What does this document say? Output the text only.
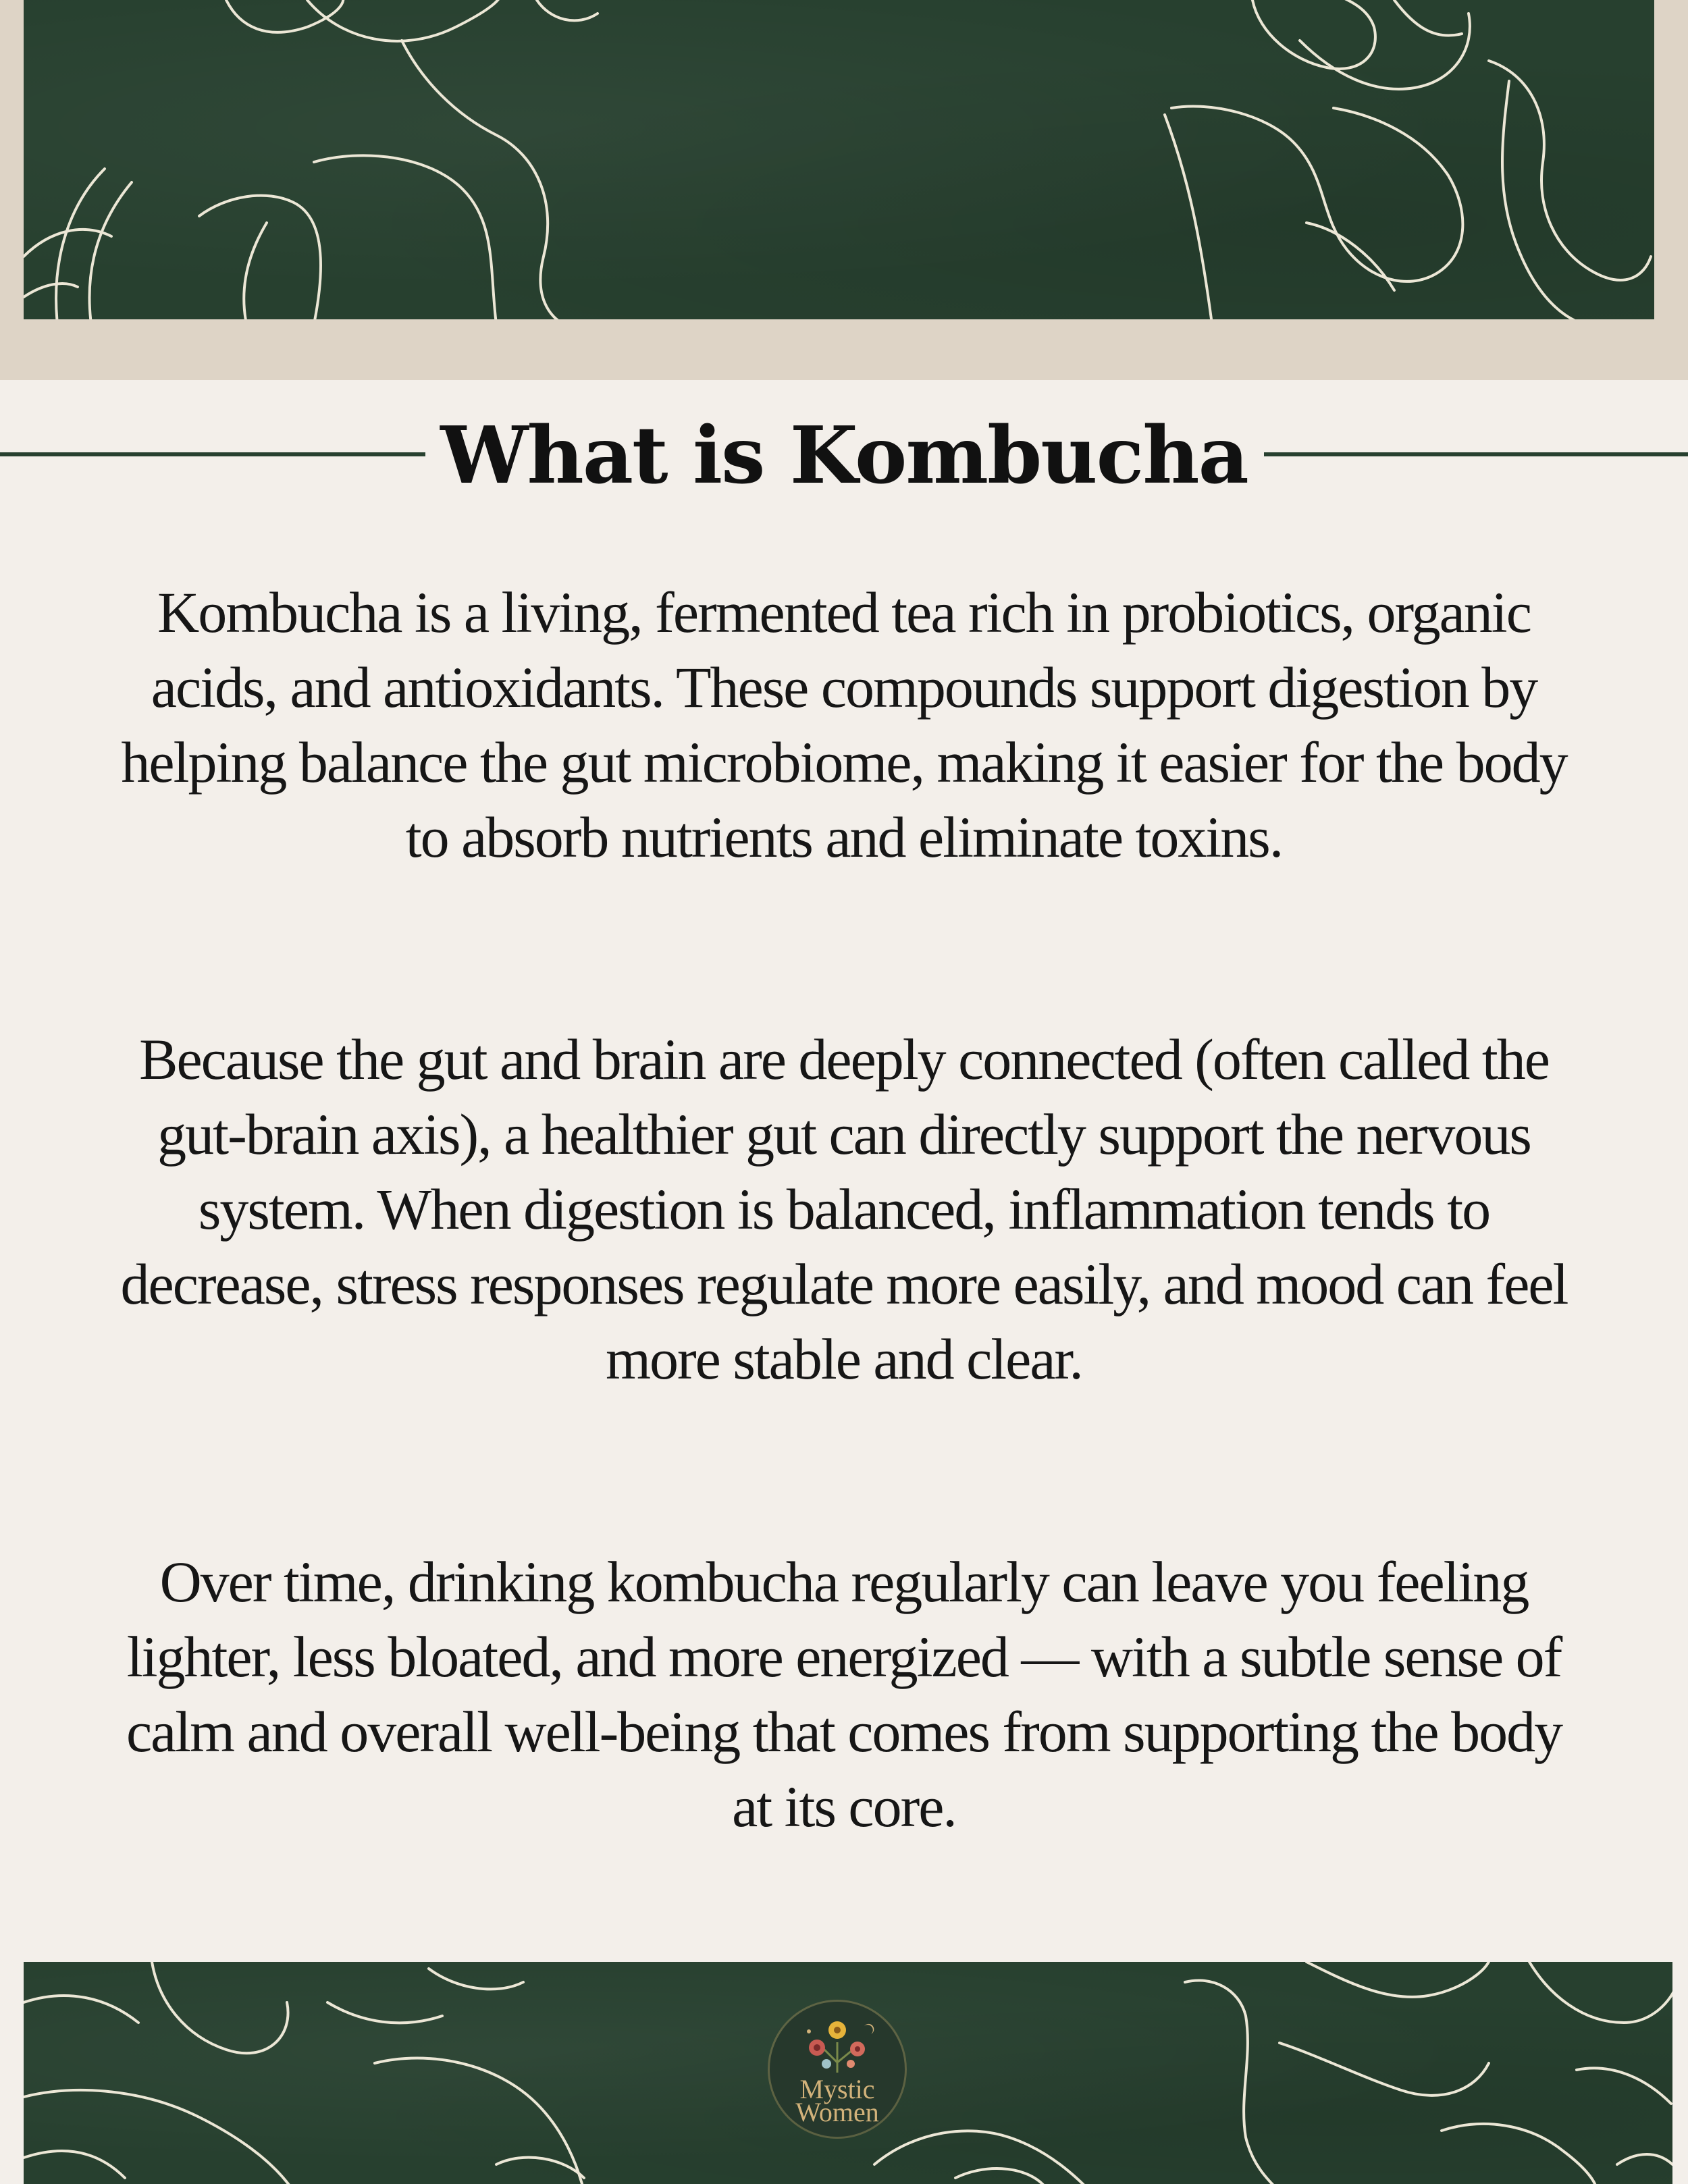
What is Kombucha

Kombucha is a living, fermented tea rich in probiotics, organic acids, and antioxidants. These compounds support digestion by helping balance the gut microbiome, making it easier for the body to absorb nutrients and eliminate toxins.

Because the gut and brain are deeply connected (often called the gut-brain axis), a healthier gut can directly support the nervous system. When digestion is balanced, inflammation tends to decrease, stress responses regulate more easily, and mood can feel more stable and clear.

Over time, drinking kombucha regularly can leave you feeling lighter, less bloated, and more energized — with a subtle sense of calm and overall well-being that comes from supporting the body at its core.

Mystic
Women
